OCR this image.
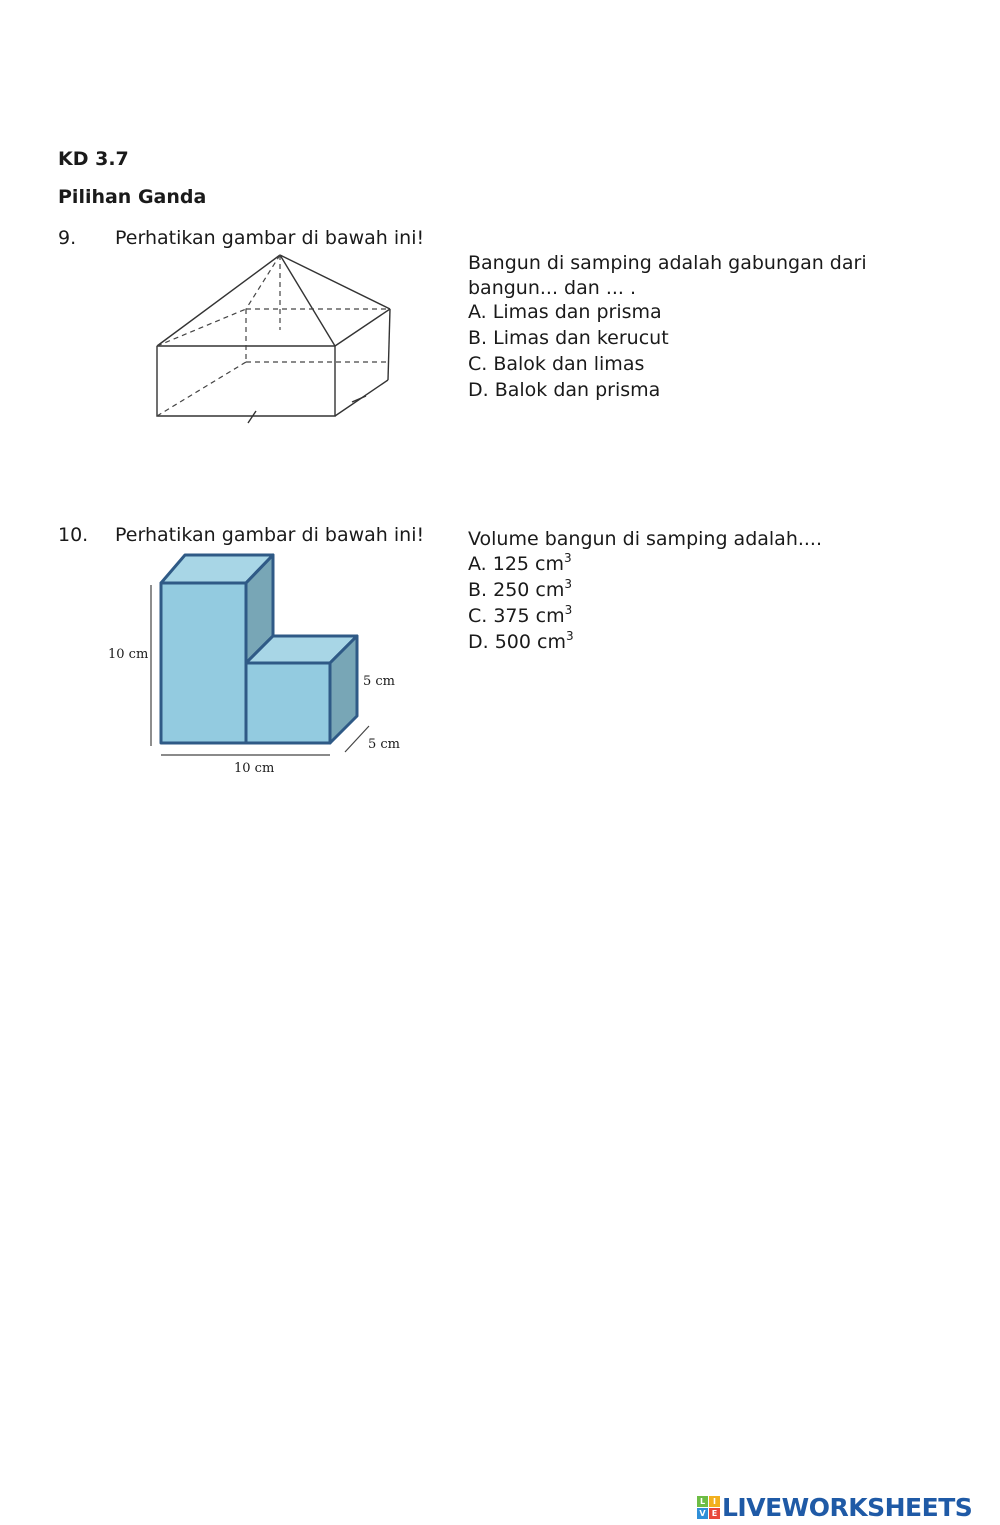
KD 3.7
Pilihan Ganda
9. Perhatikan gambar di bawah ini!
Bangun di samping adalah gabungan dari
bangun... dan ... .
A. Limas dan prisma
B. Limas dan kerucut
C. Balok dan limas
D. Balok dan prisma
10. Perhatikan gambar di bawah ini!
10 cm
5 cm
5 cm
10 cm
Volume bangun di samping adalah....
A. 125 $cm^3$
B. 250 $cm^3$
C. 375 $cm^3$
D. 500 $cm^3$
L I
V E LIVEWORKSHEETS
